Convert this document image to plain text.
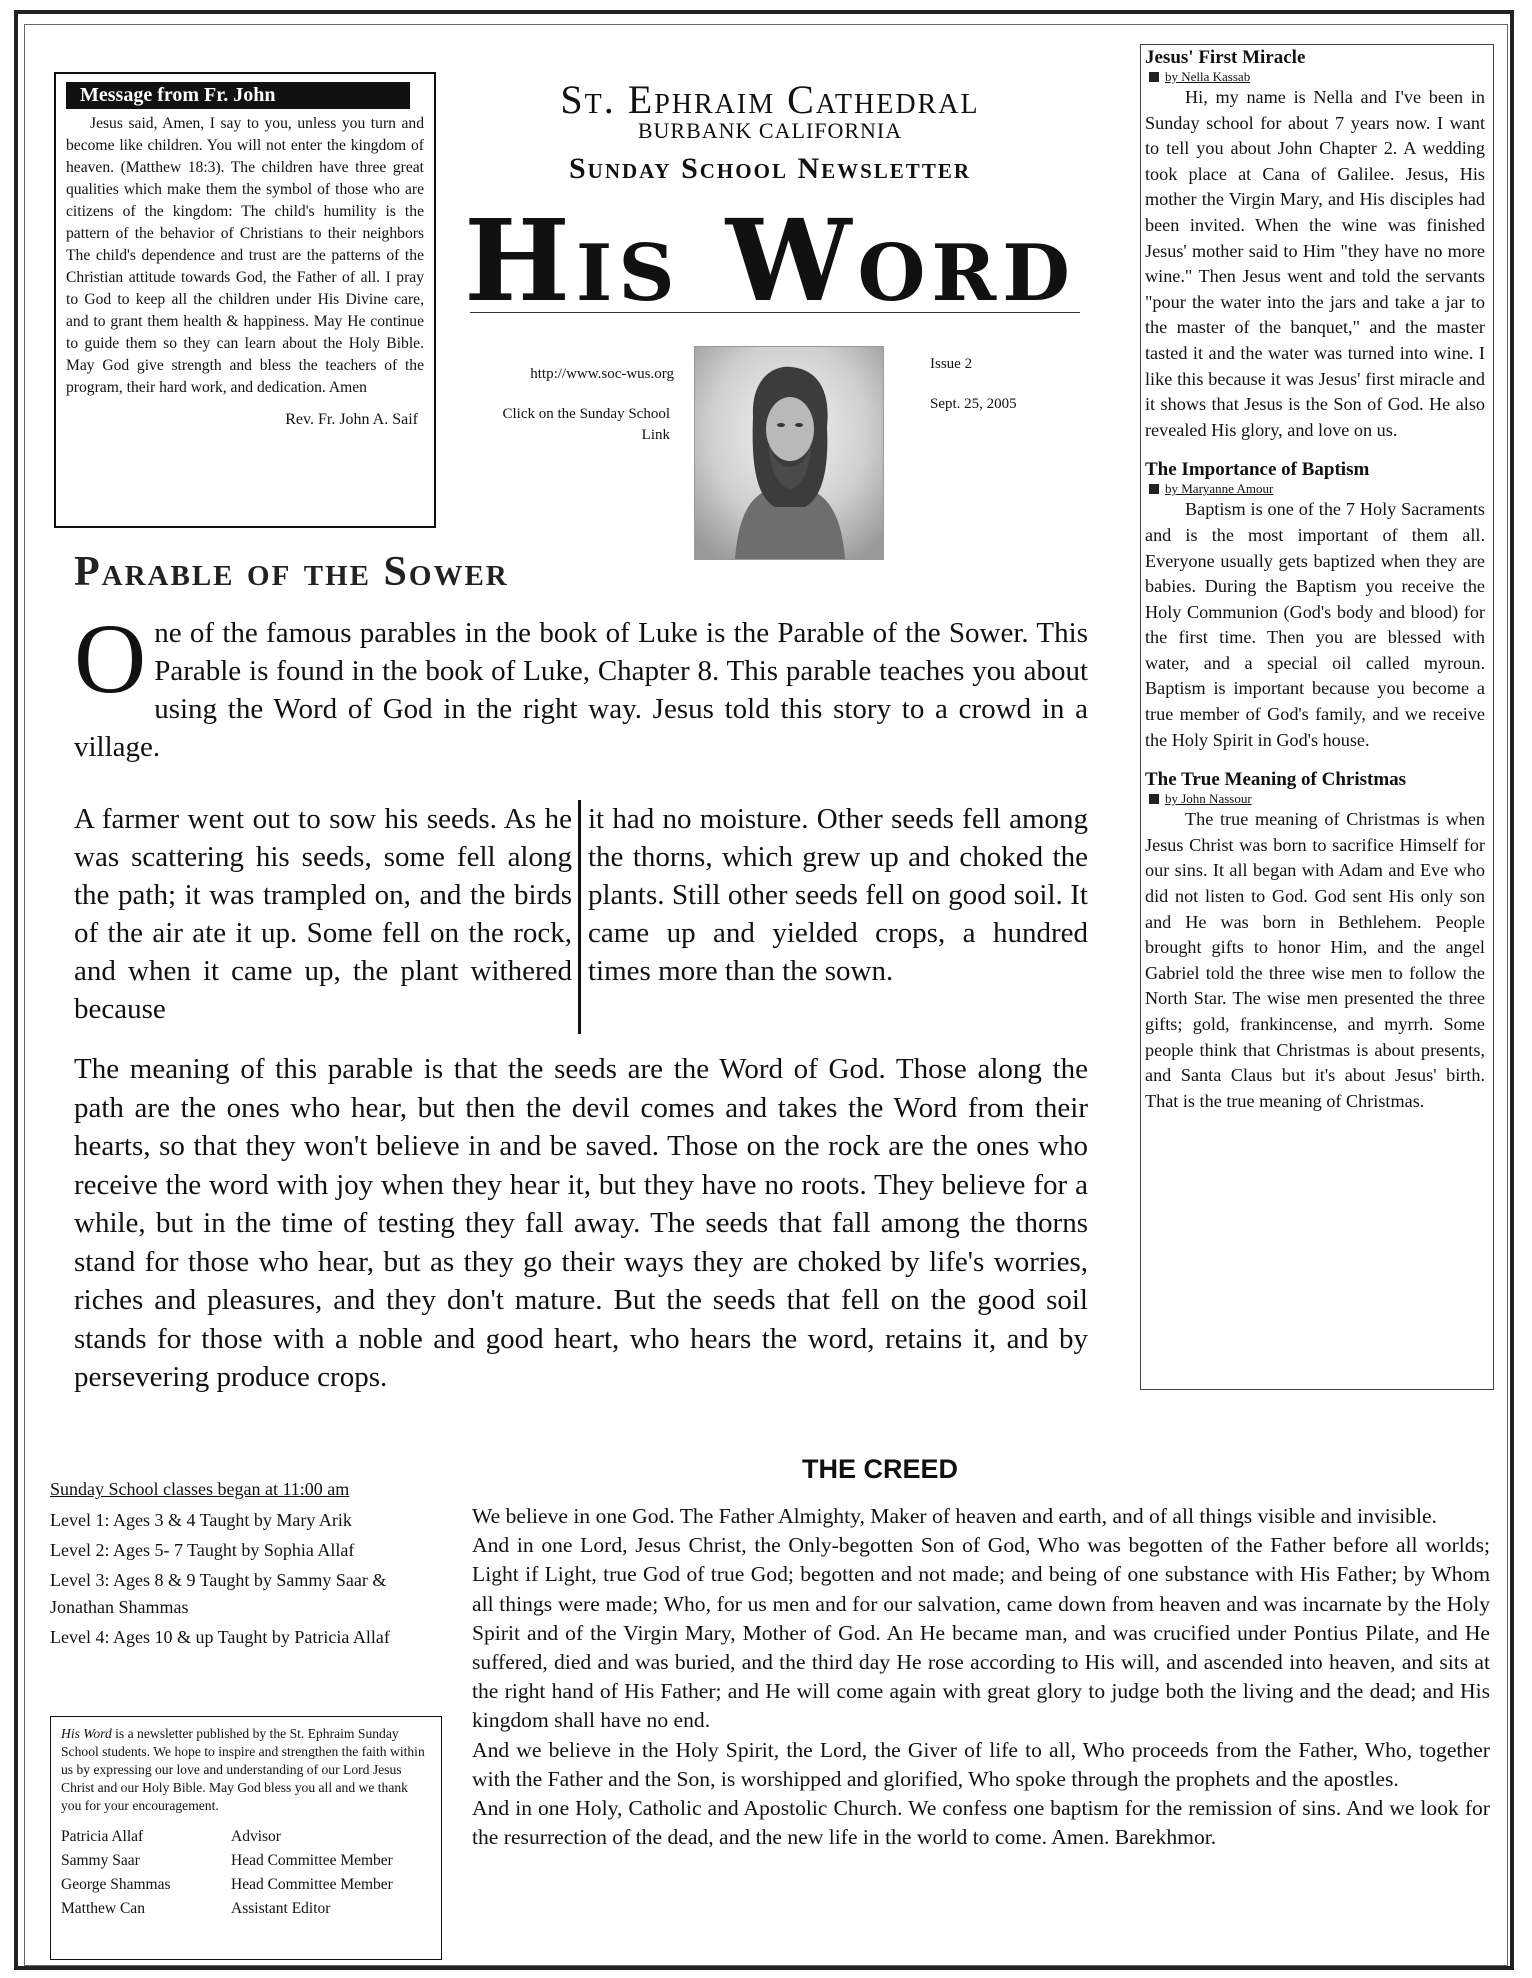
Message from Fr. John
Jesus said, Amen, I say to you, unless you turn and become like children. You will not enter the kingdom of heaven. (Matthew 18:3). The children have three great qualities which make them the symbol of those who are citizens of the kingdom: The child's humility is the pattern of the behavior of Christians to their neighbors The child's dependence and trust are the patterns of the Christian attitude towards God, the Father of all. I pray to God to keep all the children under His Divine care, and to grant them health & happiness. May He continue to guide them so they can learn about the Holy Bible. May God give strength and bless the teachers of the program, their hard work, and dedication. Amen
Rev. Fr. John A. Saif
St. Ephraim Cathedral
BURBANK CALIFORNIA
Sunday School Newsletter
His Word
http://www.soc-wus.org
Click on the Sunday School Link
Issue 2
Sept. 25, 2005
Parable of the Sower
One of the famous parables in the book of Luke is the Parable of the Sower. This Parable is found in the book of Luke, Chapter 8. This parable teaches you about using the Word of God in the right way. Jesus told this story to a crowd in a village.
A farmer went out to sow his seeds. As he was scattering his seeds, some fell along the path; it was trampled on, and the birds of the air ate it up. Some fell on the rock, and when it came up, the plant withered because
it had no moisture. Other seeds fell among the thorns, which grew up and choked the plants. Still other seeds fell on good soil. It came up and yielded crops, a hundred times more than the sown.
The meaning of this parable is that the seeds are the Word of God. Those along the path are the ones who hear, but then the devil comes and takes the Word from their hearts, so that they won't believe in and be saved. Those on the rock are the ones who receive the word with joy when they hear it, but they have no roots. They believe for a while, but in the time of testing they fall away. The seeds that fall among the thorns stand for those who hear, but as they go their ways they are choked by life's worries, riches and pleasures, and they don't mature. But the seeds that fell on the good soil stands for those with a noble and good heart, who hears the word, retains it, and by persevering produce crops.
Jesus' First Miracle
by Nella Kassab
Hi, my name is Nella and I've been in Sunday school for about 7 years now. I want to tell you about John Chapter 2. A wedding took place at Cana of Galilee. Jesus, His mother the Virgin Mary, and His disciples had been invited. When the wine was finished Jesus' mother said to Him "they have no more wine." Then Jesus went and told the servants "pour the water into the jars and take a jar to the master of the banquet," and the master tasted it and the water was turned into wine. I like this because it was Jesus' first miracle and it shows that Jesus is the Son of God. He also revealed His glory, and love on us.
The Importance of Baptism
by Maryanne Amour
Baptism is one of the 7 Holy Sacraments and is the most important of them all. Everyone usually gets baptized when they are babies. During the Baptism you receive the Holy Communion (God's body and blood) for the first time. Then you are blessed with water, and a special oil called myroun. Baptism is important because you become a true member of God's family, and we receive the Holy Spirit in God's house.
The True Meaning of Christmas
by John Nassour
The true meaning of Christmas is when Jesus Christ was born to sacrifice Himself for our sins. It all began with Adam and Eve who did not listen to God. God sent His only son and He was born in Bethlehem. People brought gifts to honor Him, and the angel Gabriel told the three wise men to follow the North Star. The wise men presented the three gifts; gold, frankincense, and myrrh. Some people think that Christmas is about presents, and Santa Claus but it's about Jesus' birth. That is the true meaning of Christmas.
Sunday School classes began at 11:00 am
Level 1: Ages 3 & 4 Taught by Mary Arik
Level 2: Ages 5- 7 Taught by Sophia Allaf
Level 3: Ages 8 & 9 Taught by Sammy Saar & Jonathan Shammas
Level 4: Ages 10 & up Taught by Patricia Allaf
His Word is a newsletter published by the St. Ephraim Sunday School students. We hope to inspire and strengthen the faith within us by expressing our love and understanding of our Lord Jesus Christ and our Holy Bible. May God bless you all and we thank you for your encouragement.
Patricia Allaf	Advisor
Sammy Saar	Head Committee Member
George Shammas	Head Committee Member
Matthew Can	Assistant Editor
THE CREED

We believe in one God. The Father Almighty, Maker of heaven and earth, and of all things visible and invisible.

And in one Lord, Jesus Christ, the Only-begotten Son of God, Who was begotten of the Father before all worlds; Light if Light, true God of true God; begotten and not made; and being of one substance with His Father; by Whom all things were made; Who, for us men and for our salvation, came down from heaven and was incarnate by the Holy Spirit and of the Virgin Mary, Mother of God. An He became man, and was crucified under Pontius Pilate, and He suffered, died and was buried, and the third day He rose according to His will, and ascended into heaven, and sits at the right hand of His Father; and He will come again with great glory to judge both the living and the dead; and His kingdom shall have no end.

And we believe in the Holy Spirit, the Lord, the Giver of life to all, Who proceeds from the Father, Who, together with the Father and the Son, is worshipped and glorified, Who spoke through the prophets and the apostles.

And in one Holy, Catholic and Apostolic Church. We confess one baptism for the remission of sins. And we look for the resurrection of the dead, and the new life in the world to come. Amen. Barekhmor.
